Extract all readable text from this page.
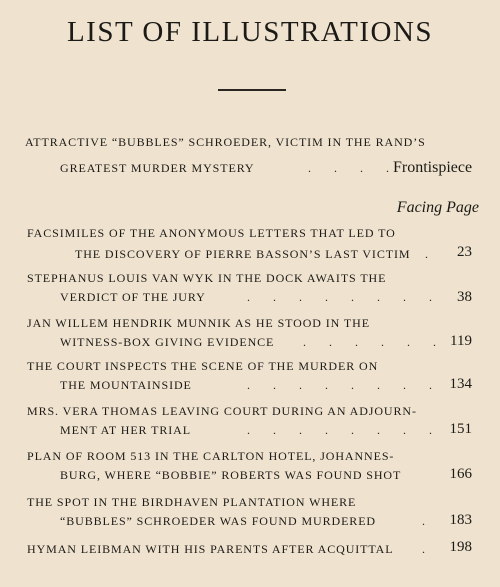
LIST OF ILLUSTRATIONS
ATTRACTIVE “BUBBLES” SCHROEDER, VICTIM IN THE RAND’S
GREATEST MURDER MYSTERY	. . . .
Frontispiece
Facing Page
FACSIMILES OF THE ANONYMOUS LETTERS THAT LED TO
THE DISCOVERY OF PIERRE BASSON’S LAST VICTIM . 23
STEPHANUS LOUIS VAN WYK IN THE DOCK AWAITS THE
VERDICT OF THE JURY	. . . . . . . . 38
JAN WILLEM HENDRIK MUNNIK AS HE STOOD IN THE
WITNESS-BOX GIVING EVIDENCE . . . . . . 119
THE COURT INSPECTS THE SCENE OF THE MURDER ON
THE MOUNTAINSIDE	. . . . . . . . 134
MRS. VERA THOMAS LEAVING COURT DURING AN ADJOURN-
MENT AT HER TRIAL	. . . . . . . . 151
PLAN OF ROOM 513 IN THE CARLTON HOTEL, JOHANNES-
BURG, WHERE “BOBBIE” ROBERTS WAS FOUND SHOT	166
THE SPOT IN THE BIRDHAVEN PLANTATION WHERE
“BUBBLES” SCHROEDER WAS FOUND MURDERED	. 183
HYMAN LEIBMAN WITH HIS PARENTS AFTER ACQUITTAL . 198
